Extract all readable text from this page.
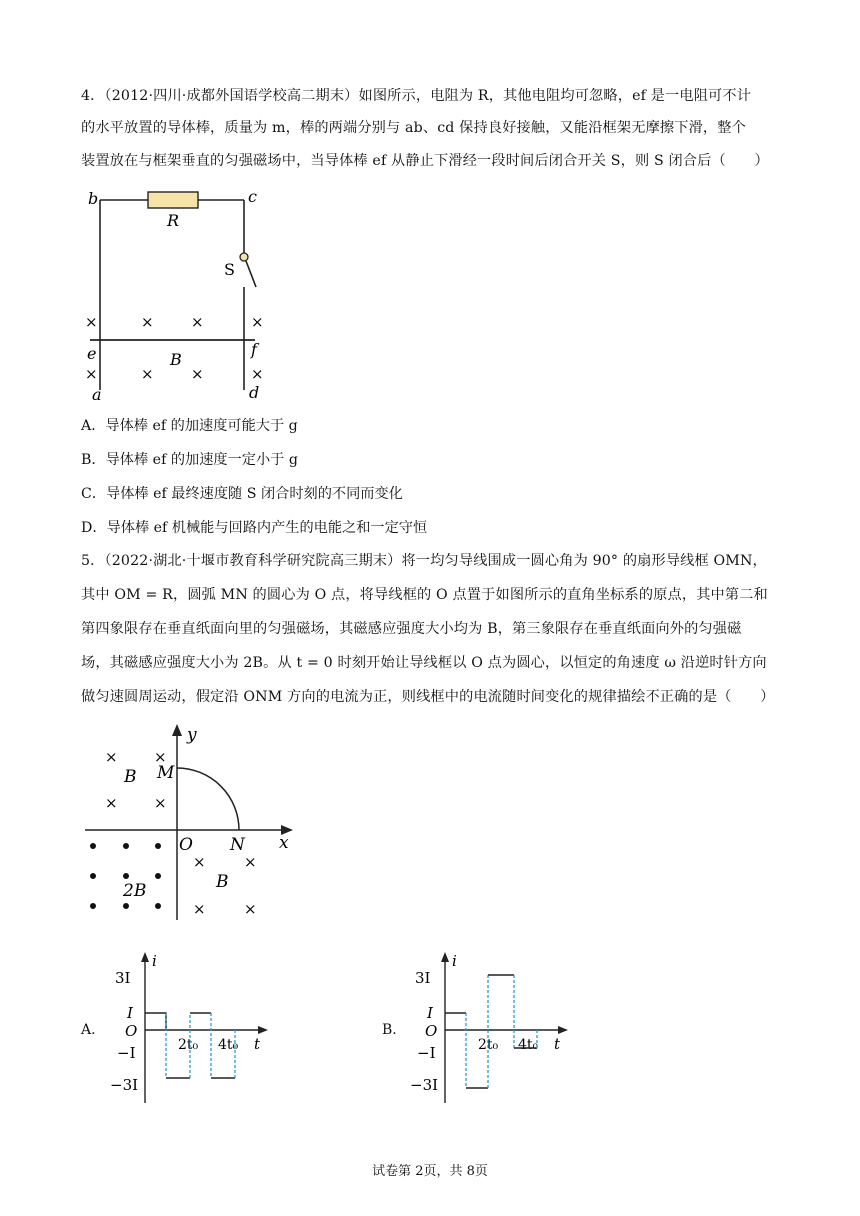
4．（2012·四川·成都外国语学校高二期末）如图所示，电阻为 R，其他电阻均可忽略，ef 是一电阻可不计
的水平放置的导体棒，质量为 m，棒的两端分别与 ab、cd 保持良好接触，又能沿框架无摩擦下滑，整个
装置放在与框架垂直的匀强磁场中，当导体棒 ef 从静止下滑经一段时间后闭合开关 S，则 S 闭合后（　　）
b	c
R
S
e	f
B
a	d
×	× ×	×
×	× ×	×
A．导体棒 ef 的加速度可能大于 g
B．导体棒 ef 的加速度一定小于 g
C．导体棒 ef 最终速度随 S 闭合时刻的不同而变化
D．导体棒 ef 机械能与回路内产生的电能之和一定守恒
5．（2022·湖北·十堰市教育科学研究院高三期末）将一均匀导线围成一圆心角为 90° 的扇形导线框 OMN，
其中 OM = R，圆弧 MN 的圆心为 O 点，将导线框的 O 点置于如图所示的直角坐标系的原点，其中第二和
第四象限存在垂直纸面向里的匀强磁场，其磁感应强度大小均为 B，第三象限存在垂直纸面向外的匀强磁
场，其磁感应强度大小为 2B。从 t = 0 时刻开始让导线框以 O 点为圆心，以恒定的角速度 ω 沿逆时针方向
做匀速圆周运动，假定沿 ONM 方向的电流为正，则线框中的电流随时间变化的规律描绘不正确的是（　　）
y
x
M
O N
B
B
2B
× ×
× ×
×	×
×	×
A.
i
t
3I
I
O
−I
−3I
2t₀ 4t₀
B.
i
t
3I
I
O
−I
−3I
2t₀ 4t₀
试卷第 2页，共 8页
